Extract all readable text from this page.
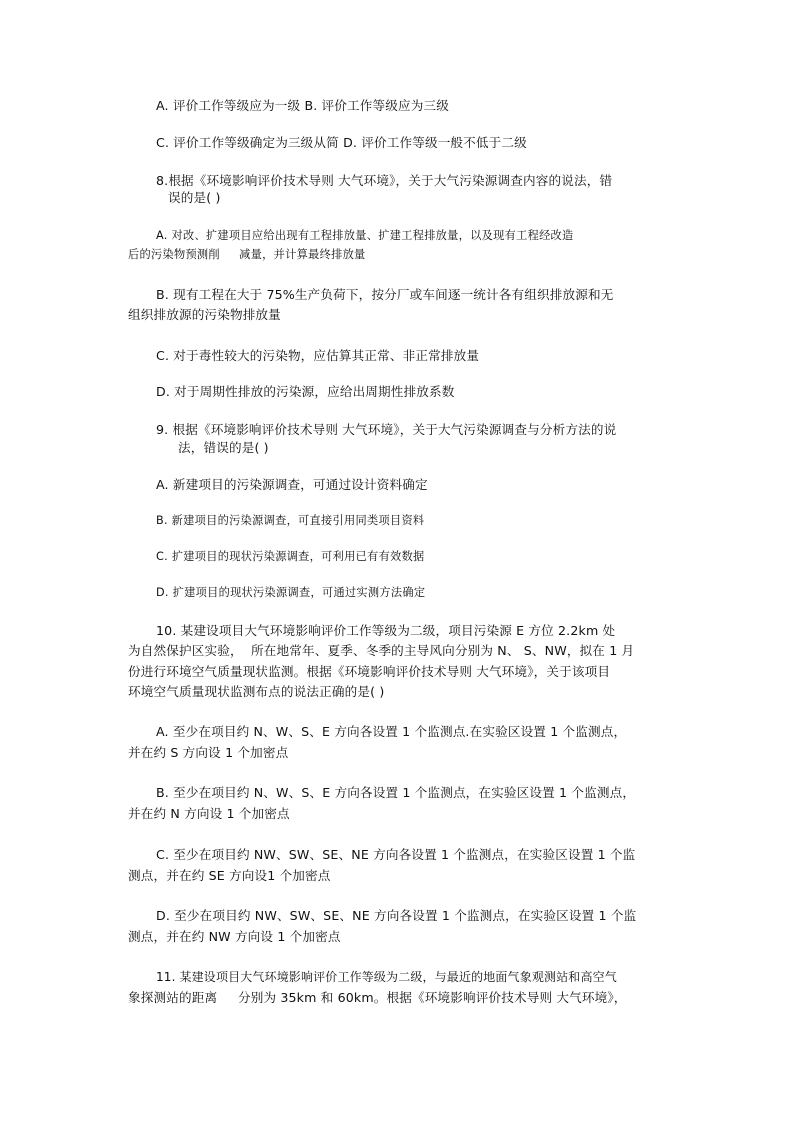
A. 评价工作等级应为一级 B. 评价工作等级应为三级
C. 评价工作等级确定为三级从简 D. 评价工作等级一般不低于二级
8.根据《环境影响评价技术导则 大气环境》，关于大气污染源调查内容的说法，错
误的是( )
A. 对改、扩建项目应给出现有工程排放量、扩建工程排放量，以及现有工程经改造
后的污染物预测削     减量，并计算最终排放量
B. 现有工程在大于 75%生产负荷下，按分厂或车间逐一统计各有组织排放源和无
组织排放源的污染物排放量
C. 对于毒性较大的污染物，应估算其正常、非正常排放量
D. 对于周期性排放的污染源，应给出周期性排放系数
9. 根据《环境影响评价技术导则 大气环境》，关于大气污染源调查与分析方法的说
法，错误的是( )
A. 新建项目的污染源调查，可通过设计资料确定
B. 新建项目的污染源调查，可直接引用同类项目资料
C. 扩建项目的现状污染源调查，可利用已有有效数据
D. 扩建项目的现状污染源调查，可通过实测方法确定
10. 某建设项目大气环境影响评价工作等级为二级，项目污染源 E 方位 2.2km 处
为自然保护区实验，  所在地常年、夏季、冬季的主导风向分别为 N、 S、NW，拟在 1 月
份进行环境空气质量现状监测。根据《环境影响评价技术导则 大气环境》，关于该项目
环境空气质量现状监测布点的说法正确的是( )
A. 至少在项目约 N、W、S、E 方向各设置 1 个监测点.在实验区设置 1 个监测点，
并在约 S 方向设 1 个加密点
B. 至少在项目约 N、W、S、E 方向各设置 1 个监测点，在实验区设置 1 个监测点，
并在约 N 方向设 1 个加密点
C. 至少在项目约 NW、SW、SE、NE 方向各设置 1 个监测点，在实验区设置 1 个监
测点，并在约 SE 方向设1 个加密点
D. 至少在项目约 NW、SW、SE、NE 方向各设置 1 个监测点，在实验区设置 1 个监
测点，并在约 NW 方向设 1 个加密点
11. 某建设项目大气环境影响评价工作等级为二级，与最近的地面气象观测站和高空气
象探测站的距离     分别为 35km 和 60km。根据《环境影响评价技术导则 大气环境》，
